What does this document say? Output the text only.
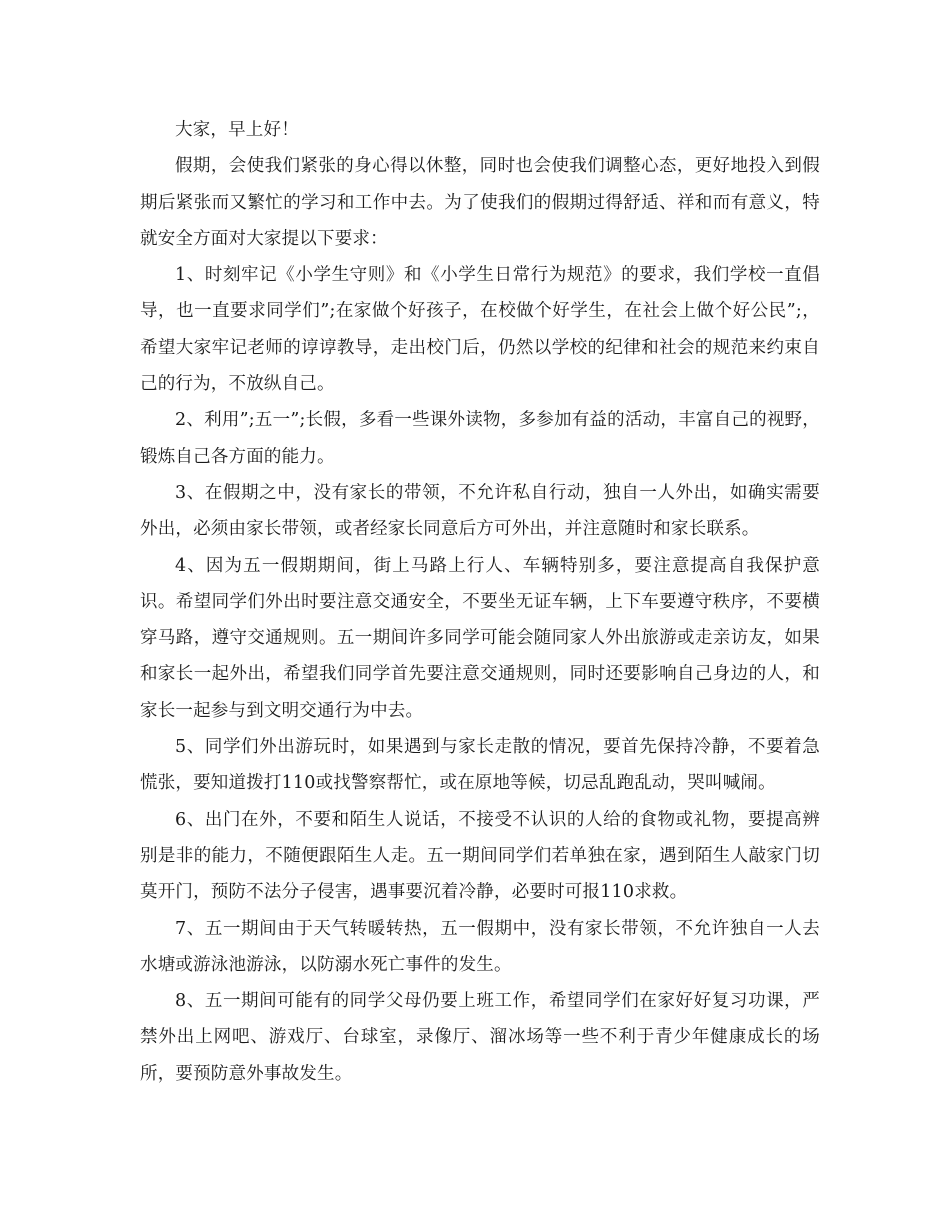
大家，早上好！

假期，会使我们紧张的身心得以休整，同时也会使我们调整心态，更好地投入到假期后紧张而又繁忙的学习和工作中去。为了使我们的假期过得舒适、祥和而有意义，特就安全方面对大家提以下要求：

1、时刻牢记《小学生守则》和《小学生日常行为规范》的要求，我们学校一直倡导，也一直要求同学们”;在家做个好孩子，在校做个好学生，在社会上做个好公民”;，希望大家牢记老师的谆谆教导，走出校门后，仍然以学校的纪律和社会的规范来约束自己的行为，不放纵自己。

2、利用”;五一”;长假，多看一些课外读物，多参加有益的活动，丰富自己的视野，锻炼自己各方面的能力。

3、在假期之中，没有家长的带领，不允许私自行动，独自一人外出，如确实需要外出，必须由家长带领，或者经家长同意后方可外出，并注意随时和家长联系。

4、因为五一假期期间，街上马路上行人、车辆特别多，要注意提高自我保护意识。希望同学们外出时要注意交通安全，不要坐无证车辆，上下车要遵守秩序，不要横穿马路，遵守交通规则。五一期间许多同学可能会随同家人外出旅游或走亲访友，如果和家长一起外出，希望我们同学首先要注意交通规则，同时还要影响自己身边的人，和家长一起参与到文明交通行为中去。

5、同学们外出游玩时，如果遇到与家长走散的情况，要首先保持冷静，不要着急慌张，要知道拨打110或找警察帮忙，或在原地等候，切忌乱跑乱动，哭叫喊闹。

6、出门在外，不要和陌生人说话，不接受不认识的人给的食物或礼物，要提高辨别是非的能力，不随便跟陌生人走。五一期间同学们若单独在家，遇到陌生人敲家门切莫开门，预防不法分子侵害，遇事要沉着冷静，必要时可报110求救。

7、五一期间由于天气转暖转热，五一假期中，没有家长带领，不允许独自一人去水塘或游泳池游泳，以防溺水死亡事件的发生。

8、五一期间可能有的同学父母仍要上班工作，希望同学们在家好好复习功课，严禁外出上网吧、游戏厅、台球室，录像厅、溜冰场等一些不利于青少年健康成长的场所，要预防意外事故发生。
